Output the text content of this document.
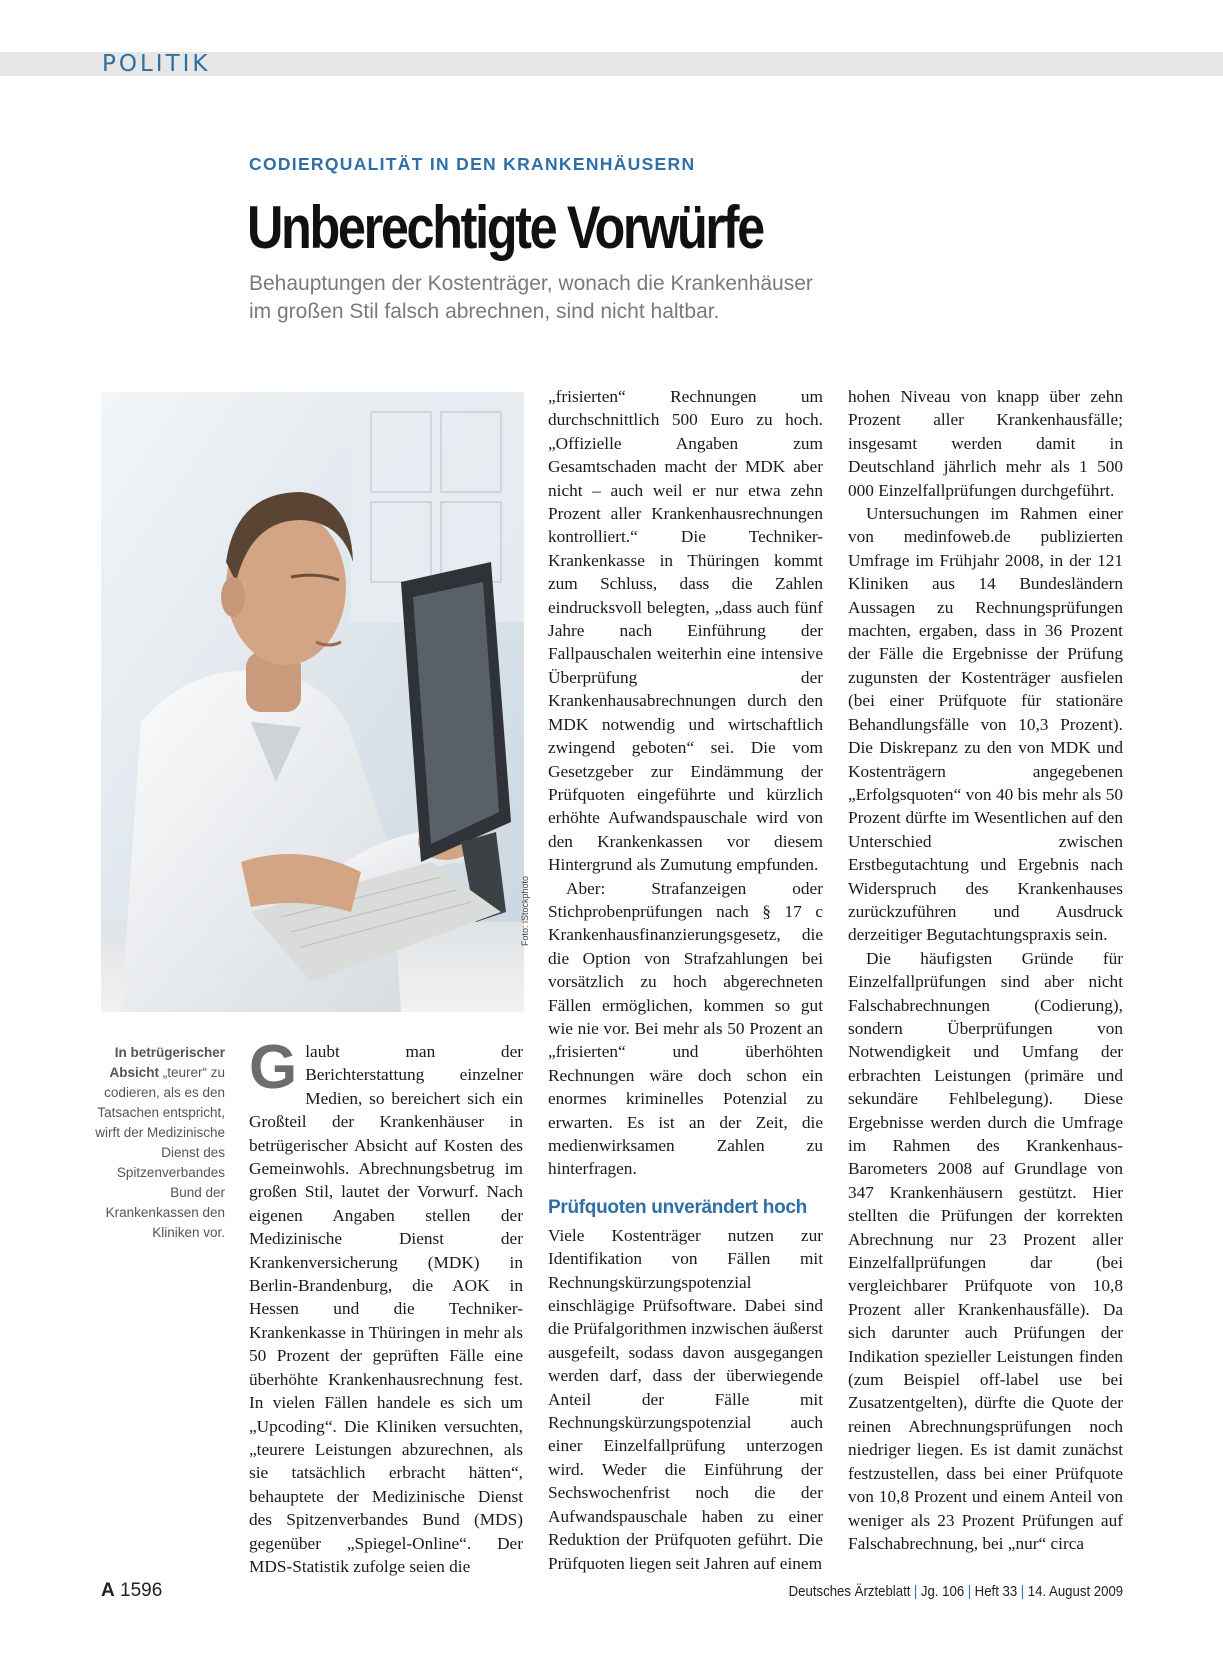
POLITIK
CODIERQUALITÄT IN DEN KRANKENHÄUSERN
Unberechtigte Vorwürfe
Behauptungen der Kostenträger, wonach die Krankenhäuser
im großen Stil falsch abrechnen, sind nicht haltbar.
Foto: iStockphoto
In betrügerischer Absicht „teurer“ zu codieren, als es den Tatsachen entspricht, wirft der Medizinische Dienst des Spitzenverbandes Bund der Krankenkassen den Kliniken vor.

Glaubt man der Berichterstattung einzelner Medien, so bereichert sich ein Großteil der Krankenhäuser in betrügerischer Absicht auf Kosten des Gemeinwohls. Abrechnungsbetrug im großen Stil, lautet der Vorwurf. Nach eigenen Angaben stellen der Medizinische Dienst der Krankenversicherung (MDK) in Berlin-Brandenburg, die AOK in Hessen und die Techniker-Krankenkasse in Thüringen in mehr als 50 Prozent der geprüften Fälle eine überhöhte Krankenhausrechnung fest. In vielen Fällen handele es sich um „Upcoding“. Die Kliniken versuchten, „teurere Leistungen abzurechnen, als sie tatsächlich erbracht hätten“, behauptete der Medizinische Dienst des Spitzenverbandes Bund (MDS) gegenüber „Spiegel-Online“. Der MDS-Statistik zufolge seien die

„frisierten“ Rechnungen um durchschnittlich 500 Euro zu hoch. „Offizielle Angaben zum Gesamtschaden macht der MDK aber nicht – auch weil er nur etwa zehn Prozent aller Krankenhausrechnungen kontrolliert.“ Die Techniker-Krankenkasse in Thüringen kommt zum Schluss, dass die Zahlen eindrucksvoll belegten, „dass auch fünf Jahre nach Einführung der Fallpauschalen weiterhin eine intensive Überprüfung der Krankenhausabrechnungen durch den MDK notwendig und wirtschaftlich zwingend geboten“ sei. Die vom Gesetzgeber zur Eindämmung der Prüfquoten eingeführte und kürzlich erhöhte Aufwandspauschale wird von den Krankenkassen vor diesem Hintergrund als Zumutung empfunden.

Aber: Strafanzeigen oder Stichprobenprüfungen nach § 17 c Krankenhausfinanzierungsgesetz, die die Option von Strafzahlungen bei vorsätzlich zu hoch abgerechneten Fällen ermöglichen, kommen so gut wie nie vor. Bei mehr als 50 Prozent an „frisierten“ und überhöhten Rechnungen wäre doch schon ein enormes kriminelles Potenzial zu erwarten. Es ist an der Zeit, die medienwirksamen Zahlen zu hinterfragen.

Prüfquoten unverändert hoch

Viele Kostenträger nutzen zur Identifikation von Fällen mit Rechnungskürzungspotenzial einschlägige Prüfsoftware. Dabei sind die Prüfalgorithmen inzwischen äußerst ausgefeilt, sodass davon ausgegangen werden darf, dass der überwiegende Anteil der Fälle mit Rechnungskürzungspotenzial auch einer Einzelfallprüfung unterzogen wird. Weder die Einführung der Sechswochenfrist noch die der Aufwandspauschale haben zu einer Reduktion der Prüfquoten geführt. Die Prüfquoten liegen seit Jahren auf einem

hohen Niveau von knapp über zehn Prozent aller Krankenhausfälle; insgesamt werden damit in Deutschland jährlich mehr als 1 500 000 Einzelfallprüfungen durchgeführt.

Untersuchungen im Rahmen einer von medinfoweb.de publizierten Umfrage im Frühjahr 2008, in der 121 Kliniken aus 14 Bundesländern Aussagen zu Rechnungsprüfungen machten, ergaben, dass in 36 Prozent der Fälle die Ergebnisse der Prüfung zugunsten der Kostenträger ausfielen (bei einer Prüfquote für stationäre Behandlungsfälle von 10,3 Prozent). Die Diskrepanz zu den von MDK und Kostenträgern angegebenen „Erfolgsquoten“ von 40 bis mehr als 50 Prozent dürfte im Wesentlichen auf den Unterschied zwischen Erstbegutachtung und Ergebnis nach Widerspruch des Krankenhauses zurückzuführen und Ausdruck derzeitiger Begutachtungspraxis sein.

Die häufigsten Gründe für Einzelfallprüfungen sind aber nicht Falschabrechnungen (Codierung), sondern Überprüfungen von Notwendigkeit und Umfang der erbrachten Leistungen (primäre und sekundäre Fehlbelegung). Diese Ergebnisse werden durch die Umfrage im Rahmen des Krankenhaus-Barometers 2008 auf Grundlage von 347 Krankenhäusern gestützt. Hier stellten die Prüfungen der korrekten Abrechnung nur 23 Prozent aller Einzelfallprüfungen dar (bei vergleichbarer Prüfquote von 10,8 Prozent aller Krankenhausfälle). Da sich darunter auch Prüfungen der Indikation spezieller Leistungen finden (zum Beispiel off-label use bei Zusatzentgelten), dürfte die Quote der reinen Abrechnungsprüfungen noch niedriger liegen. Es ist damit zunächst festzustellen, dass bei einer Prüfquote von 10,8 Prozent und einem Anteil von weniger als 23 Prozent Prüfungen auf Falschabrechnung, bei „nur“ circa

A 1596	Deutsches Ärzteblatt | Jg. 106 | Heft 33 | 14. August 2009
